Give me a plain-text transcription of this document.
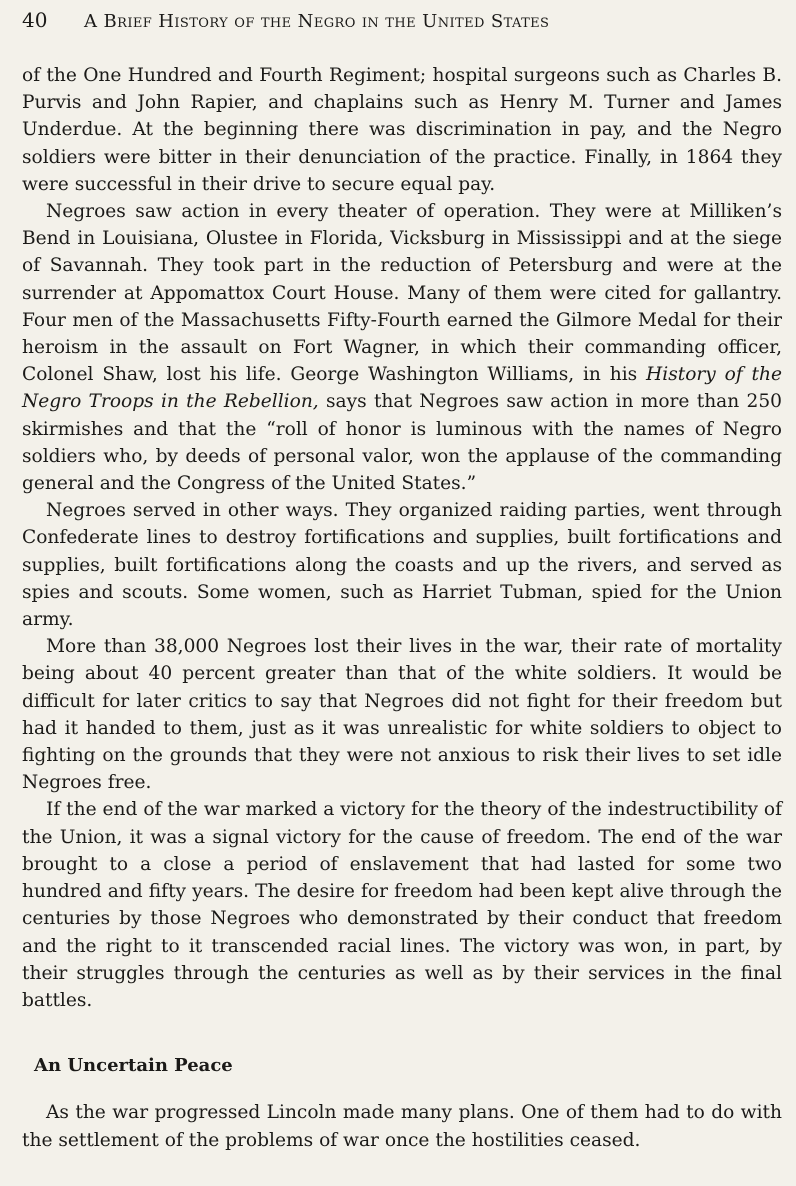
40	A Brief History of the Negro in the United States

of the One Hundred and Fourth Regiment; hospital surgeons such as Charles B. Purvis and John Rapier, and chaplains such as Henry M. Turner and James Underdue. At the beginning there was discrimination in pay, and the Negro soldiers were bitter in their denunciation of the practice. Finally, in 1864 they were successful in their drive to secure equal pay.

Negroes saw action in every theater of operation. They were at Milliken’s Bend in Louisiana, Olustee in Florida, Vicksburg in Mississippi and at the siege of Savannah. They took part in the reduction of Petersburg and were at the surrender at Appomattox Court House. Many of them were cited for gallantry. Four men of the Massachusetts Fifty-Fourth earned the Gilmore Medal for their heroism in the assault on Fort Wagner, in which their commanding officer, Colonel Shaw, lost his life. George Washington Williams, in his History of the Negro Troops in the Rebellion, says that Negroes saw action in more than 250 skirmishes and that the “roll of honor is luminous with the names of Negro soldiers who, by deeds of personal valor, won the applause of the commanding general and the Congress of the United States.”

Negroes served in other ways. They organized raiding parties, went through Confederate lines to destroy fortifications and supplies, built fortifications and supplies, built fortifications along the coasts and up the rivers, and served as spies and scouts. Some women, such as Harriet Tubman, spied for the Union army.

More than 38,000 Negroes lost their lives in the war, their rate of mortality being about 40 percent greater than that of the white soldiers. It would be difficult for later critics to say that Negroes did not fight for their freedom but had it handed to them, just as it was unrealistic for white soldiers to object to fighting on the grounds that they were not anxious to risk their lives to set idle Negroes free.

If the end of the war marked a victory for the theory of the indestructibility of the Union, it was a signal victory for the cause of freedom. The end of the war brought to a close a period of enslavement that had lasted for some two hundred and fifty years. The desire for freedom had been kept alive through the centuries by those Negroes who demonstrated by their conduct that freedom and the right to it transcended racial lines. The victory was won, in part, by their struggles through the centuries as well as by their services in the final battles.

An Uncertain Peace

As the war progressed Lincoln made many plans. One of them had to do with the settlement of the problems of war once the hostilities ceased.
